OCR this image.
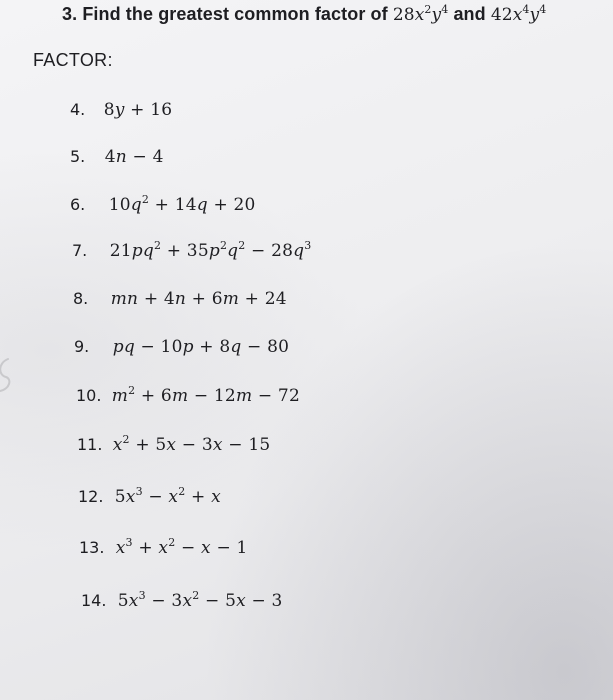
3. Find the greatest common factor of $28x^2y^4$ and $42x^4y^4$
FACTOR:
4. 8y + 16
5. 4n − 4
6. $10q^2 + 14q + 20$
7. $21pq^2 + 35p^2q^2 - 28q^3$
8. mn + 4n + 6m + 24
9. pq − 10p + 8q − 80
10. $m^2 + 6m - 12m - 72$
11. $x^2 + 5x - 3x - 15$
12. $5x^3 - x^2 + x$
13. $x^3 + x^2 - x - 1$
14. $5x^3 - 3x^2 - 5x - 3$
